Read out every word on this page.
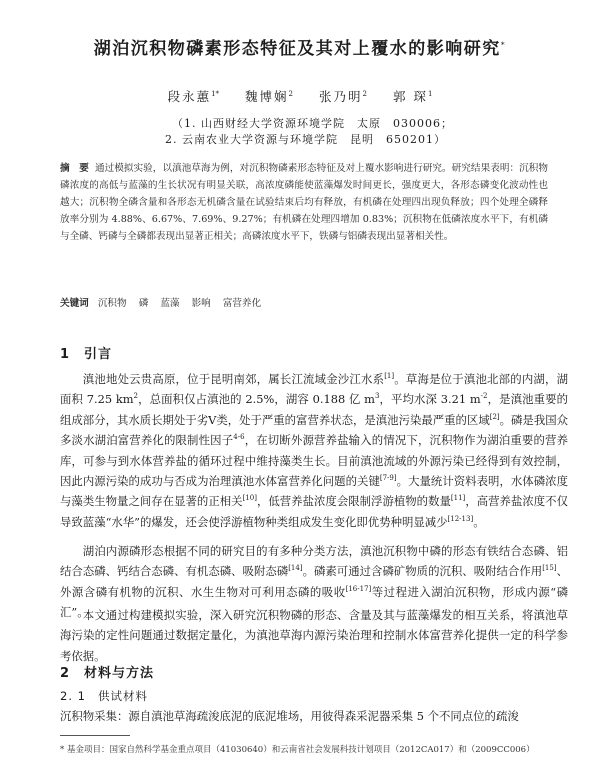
湖泊沉积物磷素形态特征及其对上覆水的影响研究*
段永蕙$^{1*}$ 魏博娴$^2$ 张乃明$^2$ 郭 琛$^1$
（1. 山西财经大学资源环境学院　太原　030006；
2. 云南农业大学资源与环境学院　昆明　650201）
摘　要 通过模拟实验，以滇池草海为例，对沉积物磷素形态特征及对上覆水影响进行研究。研究结果表明：沉积物磷浓度的高低与蓝藻的生长状况有明显关联，高浓度磷能使蓝藻爆发时间更长，强度更大，各形态磷变化波动性也越大；沉积物全磷含量和各形态无机磷含量在试验结束后均有释放，有机磷在处理四出现负释放；四个处理全磷释放率分别为 4.88%、6.67%、7.69%、9.27%；有机磷在处理四增加 0.83%；沉积物在低磷浓度水平下，有机磷与全磷、钙磷与全磷都表现出显著正相关；高磷浓度水平下，铁磷与铝磷表现出显著相关性。
关键词 沉积物 磷 蓝藻 影响 富营养化
1 引言
滇池地处云贵高原，位于昆明南郊，属长江流域金沙江水系[1]。草海是位于滇池北部的内湖，湖面积 7.25 $km^2$，总面积仅占滇池的 2.5%，湖容 0.188 亿 $m^3$，平均水深 3.21 $m^{-2}$，是滇池重要的组成部分，其水质长期处于劣Ⅴ类，处于严重的富营养状态，是滇池污染最严重的区域[2]。磷是我国众多淡水湖泊富营养化的限制性因子$^{4-6}$，在切断外源营养盐输入的情况下，沉积物作为湖泊重要的营养库，可参与到水体营养盐的循环过程中维持藻类生长。目前滇池流域的外源污染已经得到有效控制，因此内源污染的成功与否成为治理滇池水体富营养化问题的关键[7-9]。大量统计资料表明，水体磷浓度与藻类生物量之间存在显著的正相关[10]，低营养盐浓度会限制浮游植物的数量[11]，高营养盐浓度不仅导致蓝藻“水华”的爆发，还会使浮游植物种类组成发生变化即优势种明显减少[12-13]。
湖泊内源磷形态根据不同的研究目的有多种分类方法，滇池沉积物中磷的形态有铁结合态磷、铝结合态磷、钙结合态磷、有机态磷、吸附态磷[14]。磷素可通过含磷矿物质的沉积、吸附结合作用[15]、外源含磷有机物的沉积、水生生物对可利用态磷的吸收[16-17]等过程进入湖泊沉积物，形成内源“磷汇”。
本文通过构建模拟实验，深入研究沉积物磷的形态、含量及其与蓝藻爆发的相互关系，将滇池草海污染的定性问题通过数据定量化，为滇池草海内源污染治理和控制水体富营养化提供一定的科学参考依据。
2 材料与方法
2. 1 供试材料
沉积物采集：源自滇池草海疏浚底泥的底泥堆场，用彼得森采泥器采集 5 个不同点位的疏浚
* 基金项目：国家自然科学基金重点项目（41030640）和云南省社会发展科技计划项目（2012CA017）和（2009CC006）
